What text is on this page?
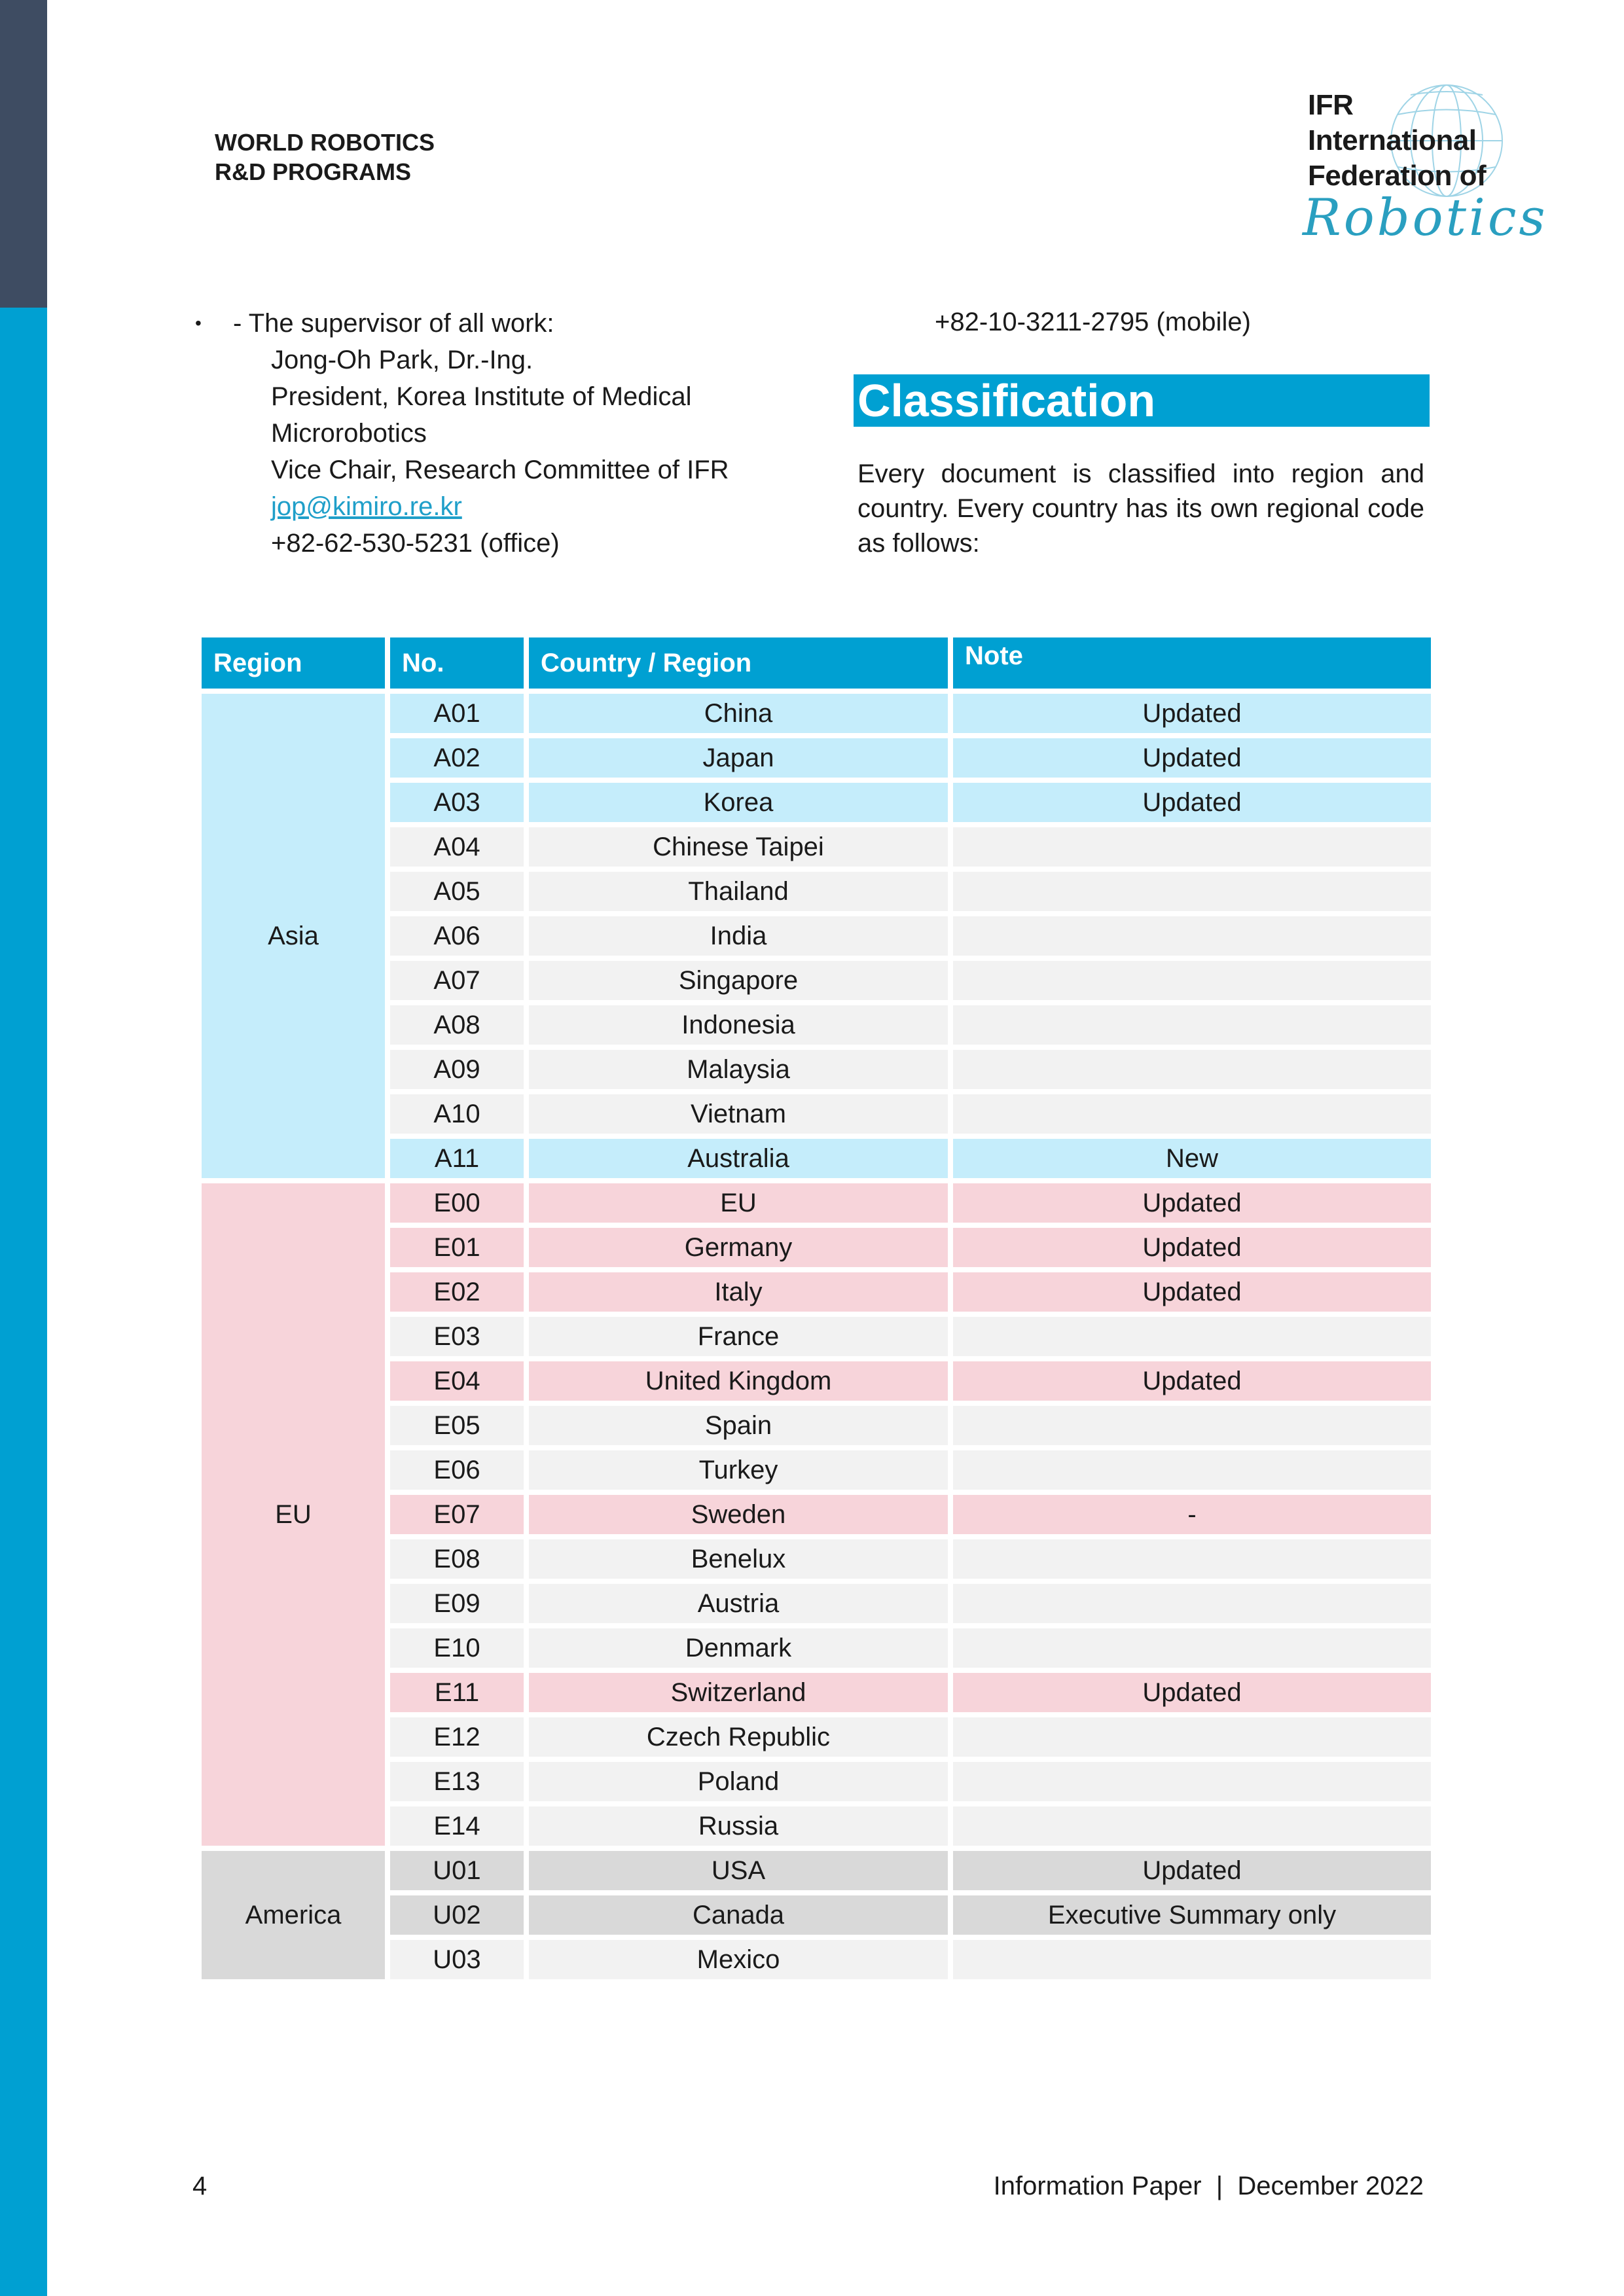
WORLD ROBOTICS
R&D PROGRAMS
IFR
International
Federation of
Robotics
•	- The supervisor of all work:
Jong-Oh Park, Dr.-Ing.
President, Korea Institute of Medical
Microrobotics
Vice Chair, Research Committee of IFR
jop@kimiro.re.kr
+82-62-530-5231 (office)
+82-10-3211-2795 (mobile)
Classification
Every document is classified into region and country. Every country has its own regional code as follows:
Region	No.	Country / Region	Note
Asia	A01	China	Updated
	A02	Japan	Updated
	A03	Korea	Updated
	A04	Chinese Taipei	
	A05	Thailand	
	A06	India	
	A07	Singapore	
	A08	Indonesia	
	A09	Malaysia	
	A10	Vietnam	
	A11	Australia	New
EU	E00	EU	Updated
	E01	Germany	Updated
	E02	Italy	Updated
	E03	France	
	E04	United Kingdom	Updated
	E05	Spain	
	E06	Turkey	
	E07	Sweden	-
	E08	Benelux	
	E09	Austria	
	E10	Denmark	
	E11	Switzerland	Updated
	E12	Czech Republic	
	E13	Poland	
	E14	Russia	
America	U01	USA	Updated
	U02	Canada	Executive Summary only
	U03	Mexico	
4	Information Paper  |  December 2022
